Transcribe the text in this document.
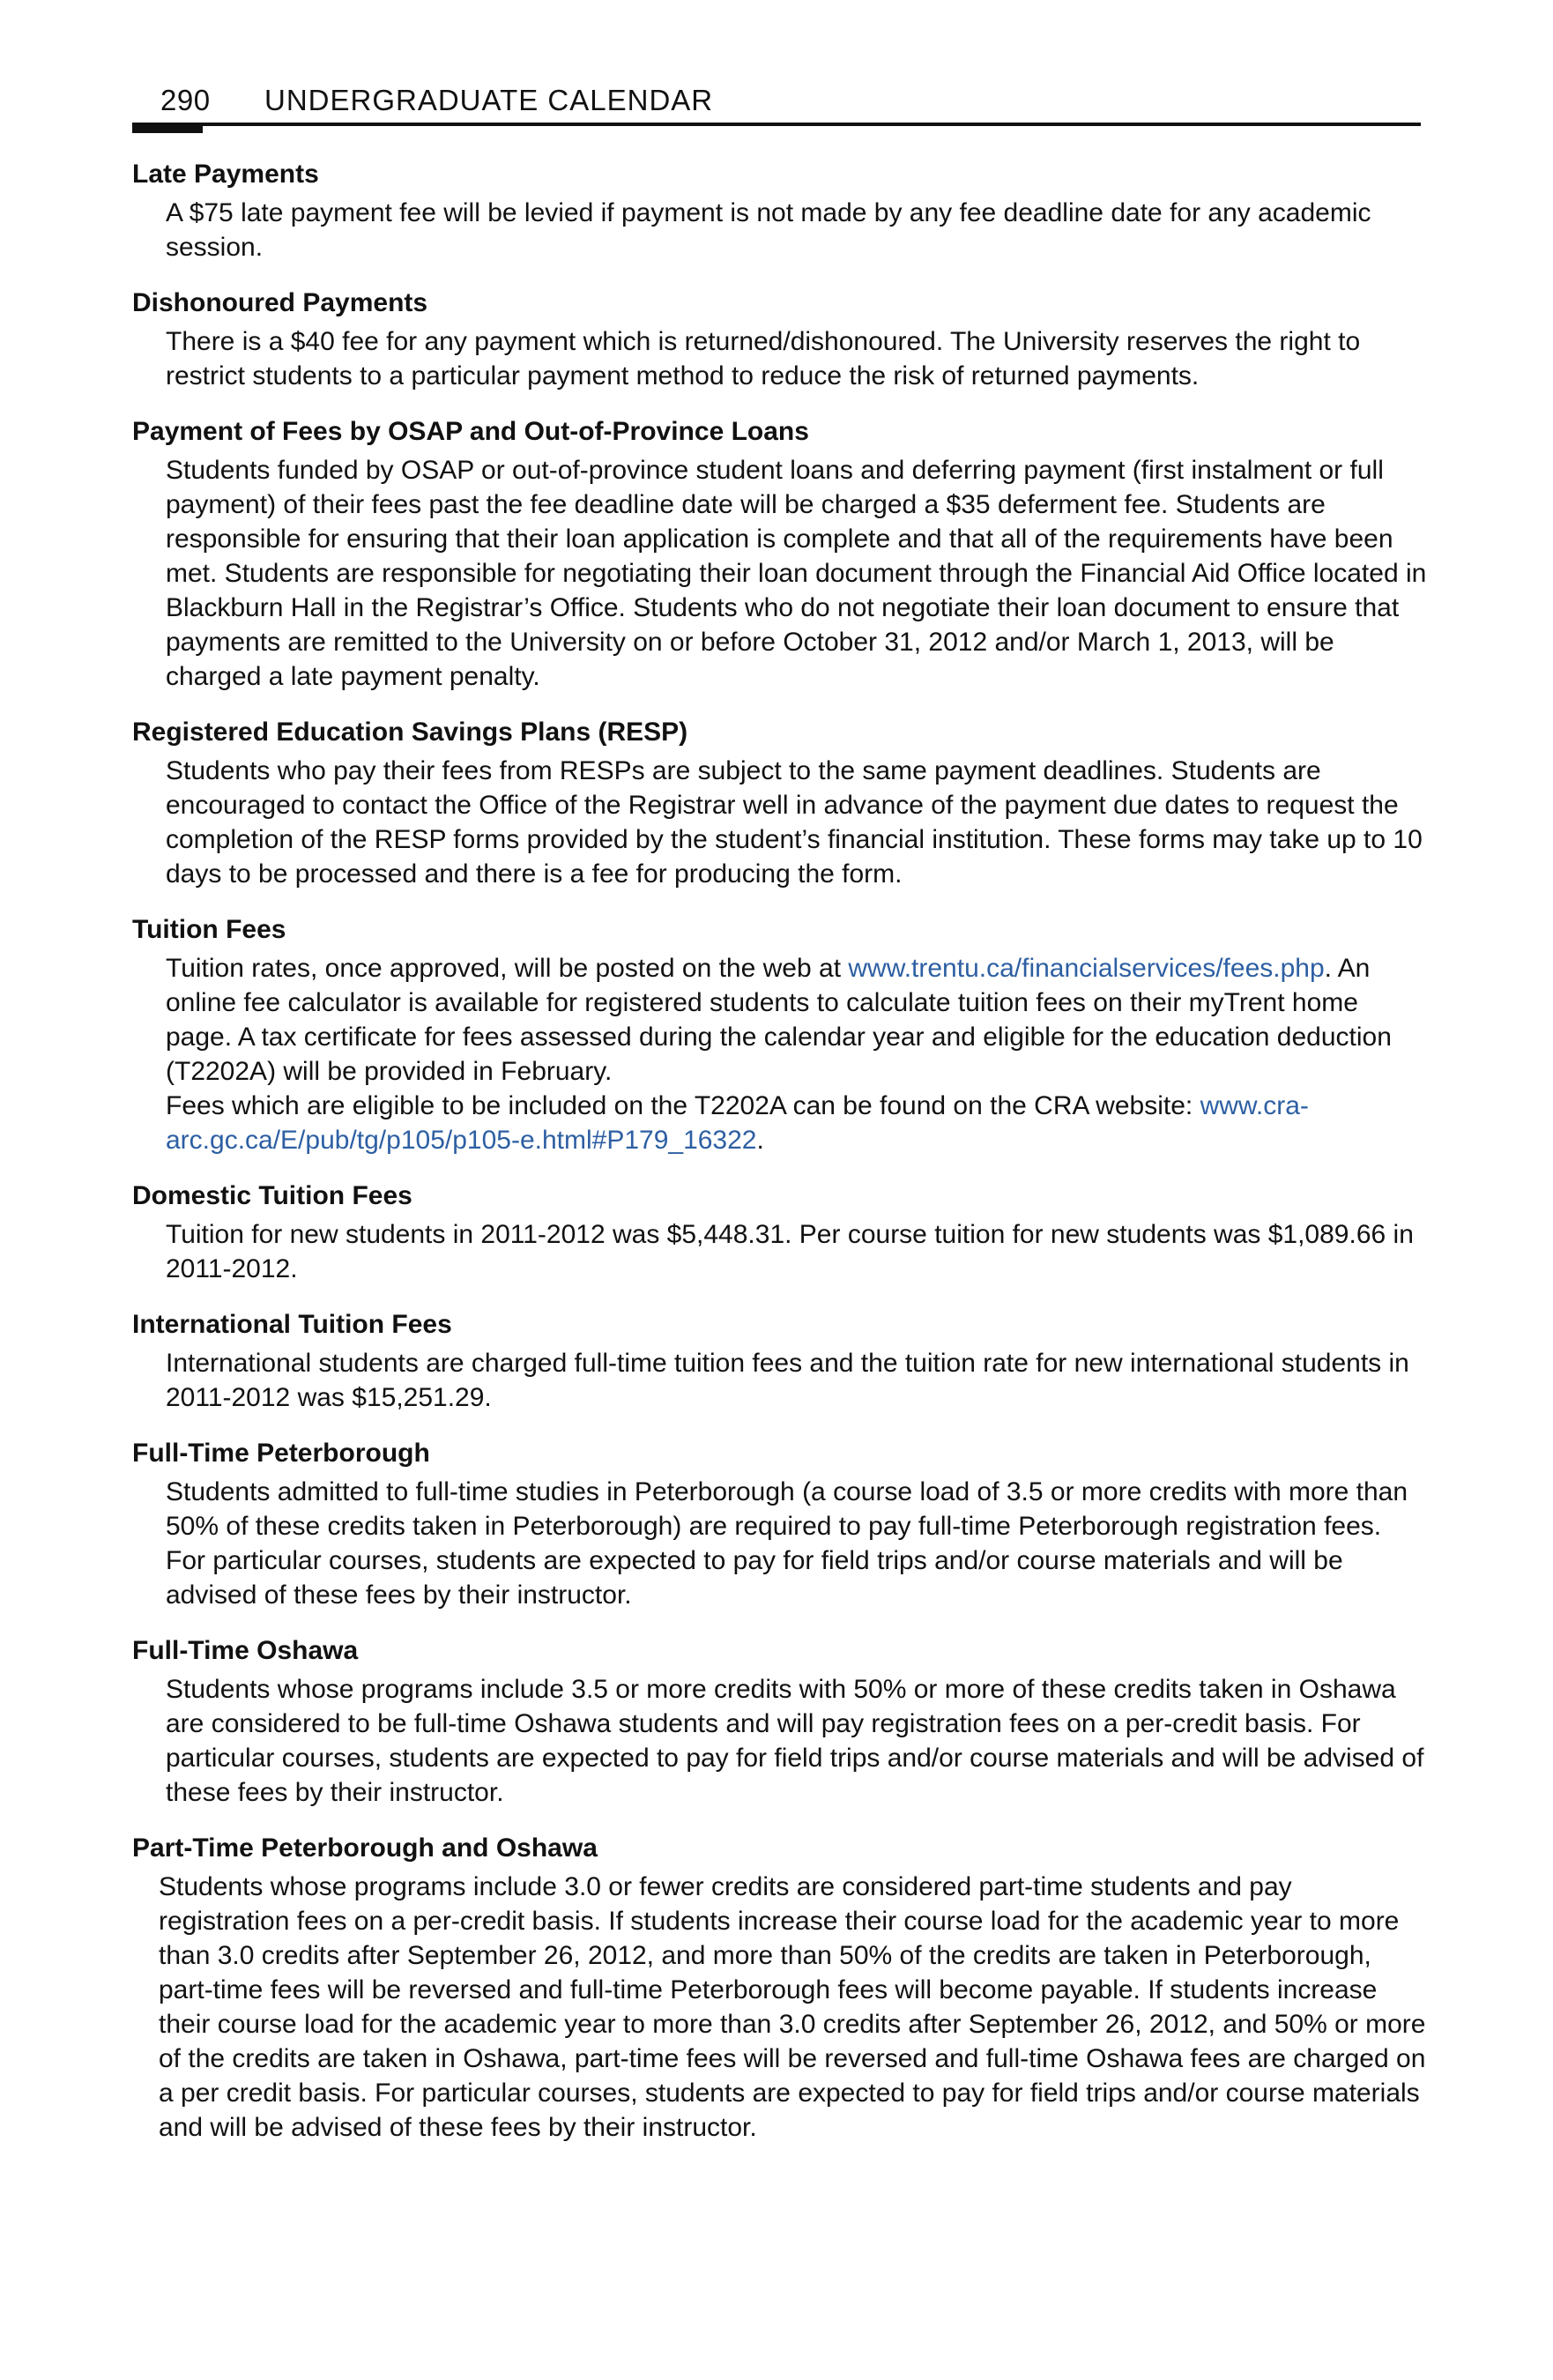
290 UNDERGRADUATE CALENDAR
Late Payments

A $75 late payment fee will be levied if payment is not made by any fee deadline date for any academic session.

Dishonoured Payments

There is a $40 fee for any payment which is returned/dishonoured. The University reserves the right to restrict students to a particular payment method to reduce the risk of returned payments.

Payment of Fees by OSAP and Out-of-Province Loans

Students funded by OSAP or out-of-province student loans and deferring payment (first instalment or full payment) of their fees past the fee deadline date will be charged a $35 deferment fee. Students are responsible for ensuring that their loan application is complete and that all of the requirements have been met. Students are responsible for negotiating their loan document through the Financial Aid Office located in Blackburn Hall in the Registrar’s Office. Students who do not negotiate their loan document to ensure that payments are remitted to the University on or before October 31, 2012 and/or March 1, 2013, will be charged a late payment penalty.

Registered Education Savings Plans (RESP)

Students who pay their fees from RESPs are subject to the same payment deadlines. Students are encouraged to contact the Office of the Registrar well in advance of the payment due dates to request the completion of the RESP forms provided by the student’s financial institution. These forms may take up to 10 days to be processed and there is a fee for producing the form.

Tuition Fees

Tuition rates, once approved, will be posted on the web at www.trentu.ca/financialservices/fees.php. An online fee calculator is available for registered students to calculate tuition fees on their myTrent home page. A tax certificate for fees assessed during the calendar year and eligible for the education deduction (T2202A) will be provided in February.

Fees which are eligible to be included on the T2202A can be found on the CRA website: www.cra-arc.gc.ca/E/pub/tg/p105/p105-e.html#P179_16322.

Domestic Tuition Fees

Tuition for new students in 2011-2012 was $5,448.31. Per course tuition for new students was $1,089.66 in 2011-2012.

International Tuition Fees

International students are charged full-time tuition fees and the tuition rate for new international students in 2011-2012 was $15,251.29.

Full-Time Peterborough

Students admitted to full-time studies in Peterborough (a course load of 3.5 or more credits with more than 50% of these credits taken in Peterborough) are required to pay full-time Peterborough registration fees. For particular courses, students are expected to pay for field trips and/or course materials and will be advised of these fees by their instructor.

Full-Time Oshawa

Students whose programs include 3.5 or more credits with 50% or more of these credits taken in Oshawa are considered to be full-time Oshawa students and will pay registration fees on a per-credit basis. For particular courses, students are expected to pay for field trips and/or course materials and will be advised of these fees by their instructor.

Part-Time Peterborough and Oshawa

Students whose programs include 3.0 or fewer credits are considered part-time students and pay registration fees on a per-credit basis. If students increase their course load for the academic year to more than 3.0 credits after September 26, 2012, and more than 50% of the credits are taken in Peterborough, part-time fees will be reversed and full-time Peterborough fees will become payable. If students increase their course load for the academic year to more than 3.0 credits after September 26, 2012, and 50% or more of the credits are taken in Oshawa, part-time fees will be reversed and full-time Oshawa fees are charged on a per credit basis. For particular courses, students are expected to pay for field trips and/or course materials and will be advised of these fees by their instructor.
